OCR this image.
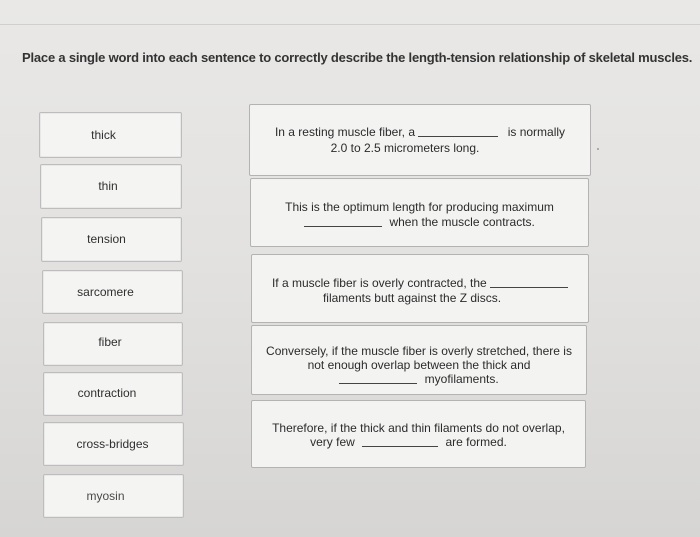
Place a single word into each sentence to correctly describe the length-tension relationship of skeletal muscles.
thick
thin
tension
sarcomere
fiber
contraction
cross-bridges
myosin
In a resting muscle fiber, a	is normally
2.0 to 2.5 micrometers long.
This is the optimum length for producing maximum
when the muscle contracts.
If a muscle fiber is overly contracted, the
filaments butt against the Z discs.
Conversely, if the muscle fiber is overly stretched, there is
not enough overlap between the thick and
myofilaments.
Therefore, if the thick and thin filaments do not overlap,
very few	are formed.
